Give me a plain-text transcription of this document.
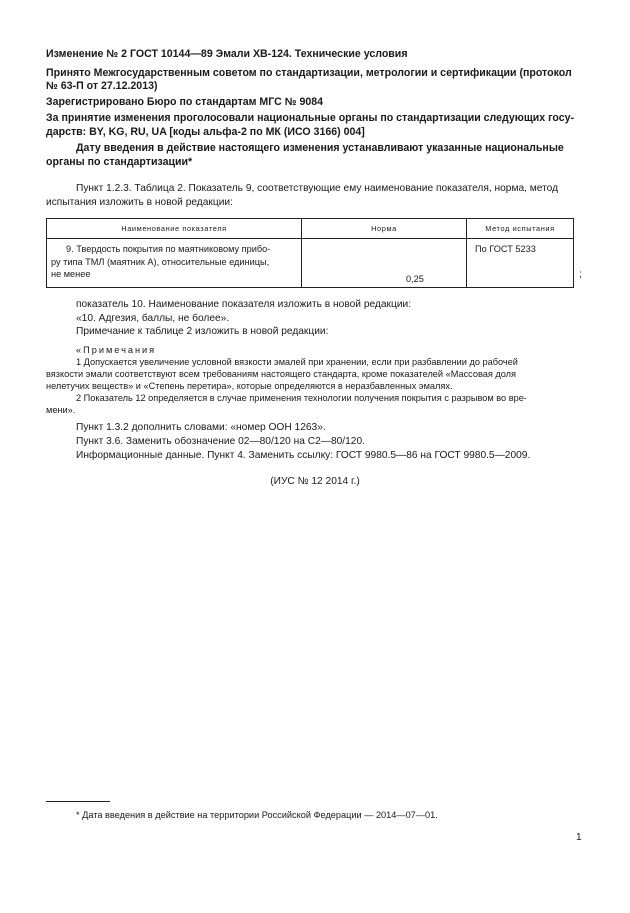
Изменение № 2 ГОСТ 10144—89 Эмали ХВ-124. Технические условия
Принято Межгосударственным советом по стандартизации, метрологии и сертификации (протокол
№ 63-П от 27.12.2013)
Зарегистрировано Бюро по стандартам МГС № 9084
За принятие изменения проголосовали национальные органы по стандартизации следующих госу-
дарств: BY, KG, RU, UA [коды альфа-2 по МК (ИСО 3166) 004]
Дату введения в действие настоящего изменения устанавливают указанные национальные
органы по стандартизации*
Пункт 1.2.3. Таблица 2. Показатель 9, соответствующие ему наименование показателя, норма, метод
испытания изложить в новой редакции:
Наименование показателя	Норма	Метод испытания

9. Твердость покрытия по маятниковому прибо-
ру типа ТМЛ (маятник А), относительные единицы,
не менее	0,25	По ГОСТ 5233
;
показатель 10. Наименование показателя изложить в новой редакции:
«10. Адгезия, баллы, не более».
Примечание к таблице 2 изложить в новой редакции:
«Примечания
1 Допускается увеличение условной вязкости эмалей при хранении, если при разбавлении до рабочей
вязкости эмали соответствуют всем требованиям настоящего стандарта, кроме показателей «Массовая доля
нелетучих веществ» и «Степень перетира», которые определяются в неразбавленных эмалях.
2 Показатель 12 определяется в случае применения технологии получения покрытия с разрывом во вре-
мени».
Пункт 1.3.2 дополнить словами: «номер ООН 1263».
Пункт 3.6. Заменить обозначение 02—80/120 на С2—80/120.
Информационные данные. Пункт 4. Заменить ссылку: ГОСТ 9980.5—86 на ГОСТ 9980.5—2009.
(ИУС № 12 2014 г.)
* Дата введения в действие на территории Российской Федерации — 2014—07—01.
1
